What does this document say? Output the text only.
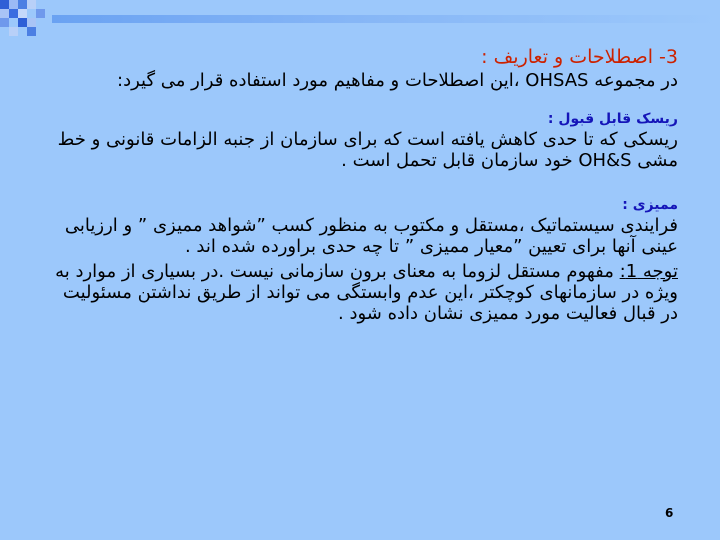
3- اصطلاحات و تعاریف :

در مجموعه OHSAS ،این اصطلاحات و مفاهیم مورد استفاده قرار می گیرد:

ریسک قابل قبول :

ریسکی که تا حدی کاهش یافته است که برای سازمان از جنبه الزامات قانونی و خط مشی OH&S خود سازمان قابل تحمل است .

ممیزی :

فرایندی سیستماتیک ،مستقل و مکتوب به منظور کسب ”شواهد ممیزی ” و ارزیابی عینی آنها برای تعیین ”معیار ممیزی ” تا چه حدی براورده شده اند .

توجه 1: مفهوم مستقل لزوما به معنای برون سازمانی نیست .در بسیاری از موارد به ویژه در سازمانهای کوچکتر ،این عدم وابستگی می تواند از طریق نداشتن مسئولیت در قبال فعالیت مورد ممیزی نشان داده شود .

6
